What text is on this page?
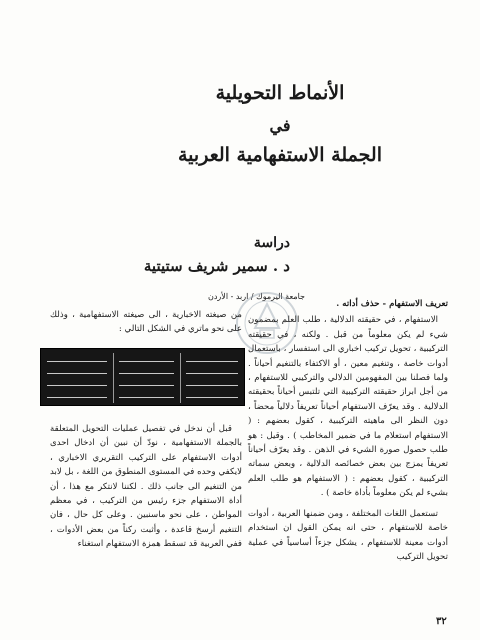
الأنماط التحويلية
في
الجملة الاستفهامية العربية
دراسة
د . سمير شريف ستيتية
جامعة اليرموك / اربد - الأردن

تعريف الاستفهام - حذف أداته .

الاستفهام ، في حقيقته الدلالية ، طلب العلم بمضمون شيء لم يكن معلوماً من قبل . ولكنه ، في حقيقته التركيبية ، تحويل تركيب اخباري الى استفسار ، باستعمال أدوات خاصة ، وتنغيم معين ، أو الاكتفاء بالتنغيم أحياناً . ولما فصلنا بين المفهومين الدلالي والتركيبي للاستفهام ، من أجل ابراز حقيقته التركيبية التي تلتبس أحياناً بحقيقته الدلالية . وقد يعرّف الاستفهام أحياناً تعريفاً دلالياً محضاً ، دون النظر الى ماهيته التركيبية ، كقول بعضهم : ( الاستفهام استعلام ما في ضمير المخاطب ) . وقيل : هو طلب حصول صورة الشيء في الذهن . وقد يعرّف أحياناً تعريفاً يمزج بين بعض خصائصه الدلالية ، وبعض سماته التركيبية ، كقول بعضهم : ( الاستفهام هو طلب العلم بشيء لم يكن معلوماً بأداة خاصة ) .

تستعمل اللغات المختلفة ، ومن ضمنها العربية ، أدوات خاصة للاستفهام ، حتى انه يمكن القول ان استخدام أدوات معينة للاستفهام ، يشكل جزءاً أساسياً في عملية تحويل التركيب

من صيغته الاخبارية ، الى صيغته الاستفهامية ، وذلك على نحو ماتري في الشكل التالي :

قبل أن ندخل في تفصيل عمليات التحويل المتعلقة بالجملة الاستفهامية ، نودّ أن نبين أن ادخال احدى أدوات الاستفهام على التركيب التقريري الاخباري ، لايكفي وحده في المستوى المنطوق من اللغة ، بل لابد من التنغيم الى جانب ذلك . لكننا لانتكر مع هذا ، أن أداة الاستفهام جزء رئيس من التركيب ، في معظم المواطن ، على نحو ماسنبين . وعلى كل حال ، فان التنغيم أرسخ قاعدة ، وأثبت ركناً من بعض الأدوات ، ففي العربية قد تسقط همزة الاستفهام استغناء

٣٢
